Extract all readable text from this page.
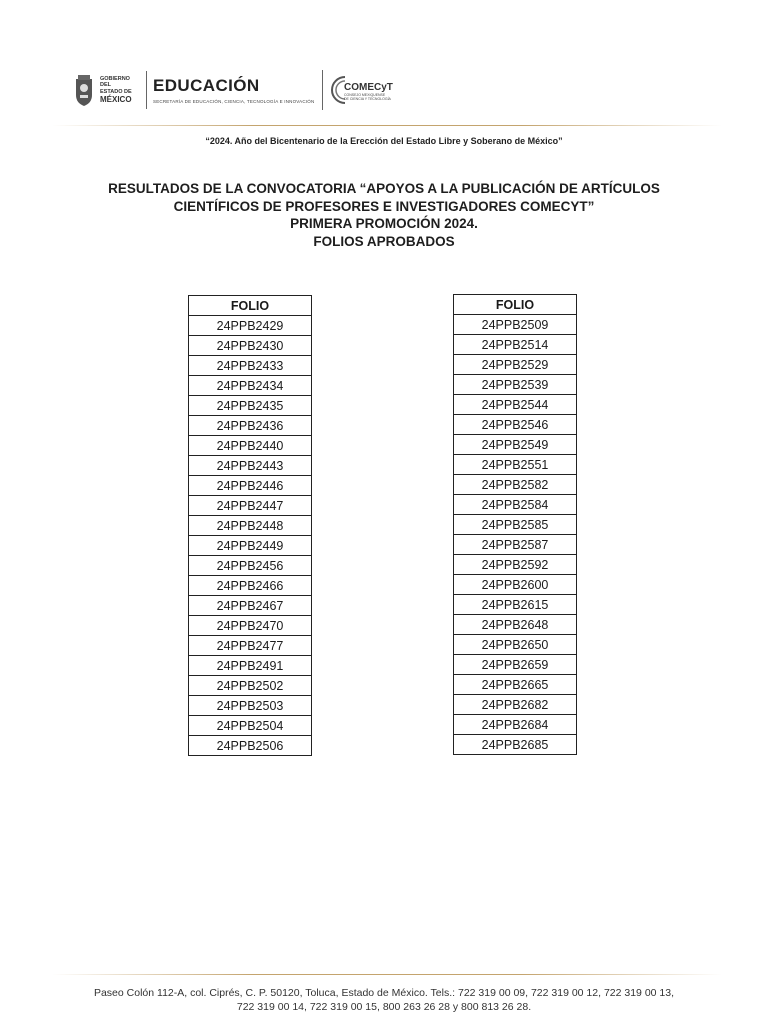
GOBIERNO DEL
ESTADO DE
MÉXICO
EDUCACIÓN
SECRETARÍA DE EDUCACIÓN, CIENCIA, TECNOLOGÍA E INNOVACIÓN
COMECyT
CONSEJO MEXIQUENSE
DE CIENCIA Y TECNOLOGÍA
“2024. Año del Bicentenario de la Erección del Estado Libre y Soberano de México”
RESULTADOS DE LA CONVOCATORIA “APOYOS A LA PUBLICACIÓN DE ARTÍCULOS
CIENTÍFICOS DE PROFESORES E INVESTIGADORES COMECYT”
PRIMERA PROMOCIÓN 2024.
FOLIOS APROBADOS
FOLIO
24PPB2429
24PPB2430
24PPB2433
24PPB2434
24PPB2435
24PPB2436
24PPB2440
24PPB2443
24PPB2446
24PPB2447
24PPB2448
24PPB2449
24PPB2456
24PPB2466
24PPB2467
24PPB2470
24PPB2477
24PPB2491
24PPB2502
24PPB2503
24PPB2504
24PPB2506
FOLIO
24PPB2509
24PPB2514
24PPB2529
24PPB2539
24PPB2544
24PPB2546
24PPB2549
24PPB2551
24PPB2582
24PPB2584
24PPB2585
24PPB2587
24PPB2592
24PPB2600
24PPB2615
24PPB2648
24PPB2650
24PPB2659
24PPB2665
24PPB2682
24PPB2684
24PPB2685
Paseo Colón 112-A, col. Ciprés, C. P. 50120, Toluca, Estado de México. Tels.: 722 319 00 09, 722 319 00 12, 722 319 00 13,
722 319 00 14, 722 319 00 15, 800 263 26 28 y 800 813 26 28.
